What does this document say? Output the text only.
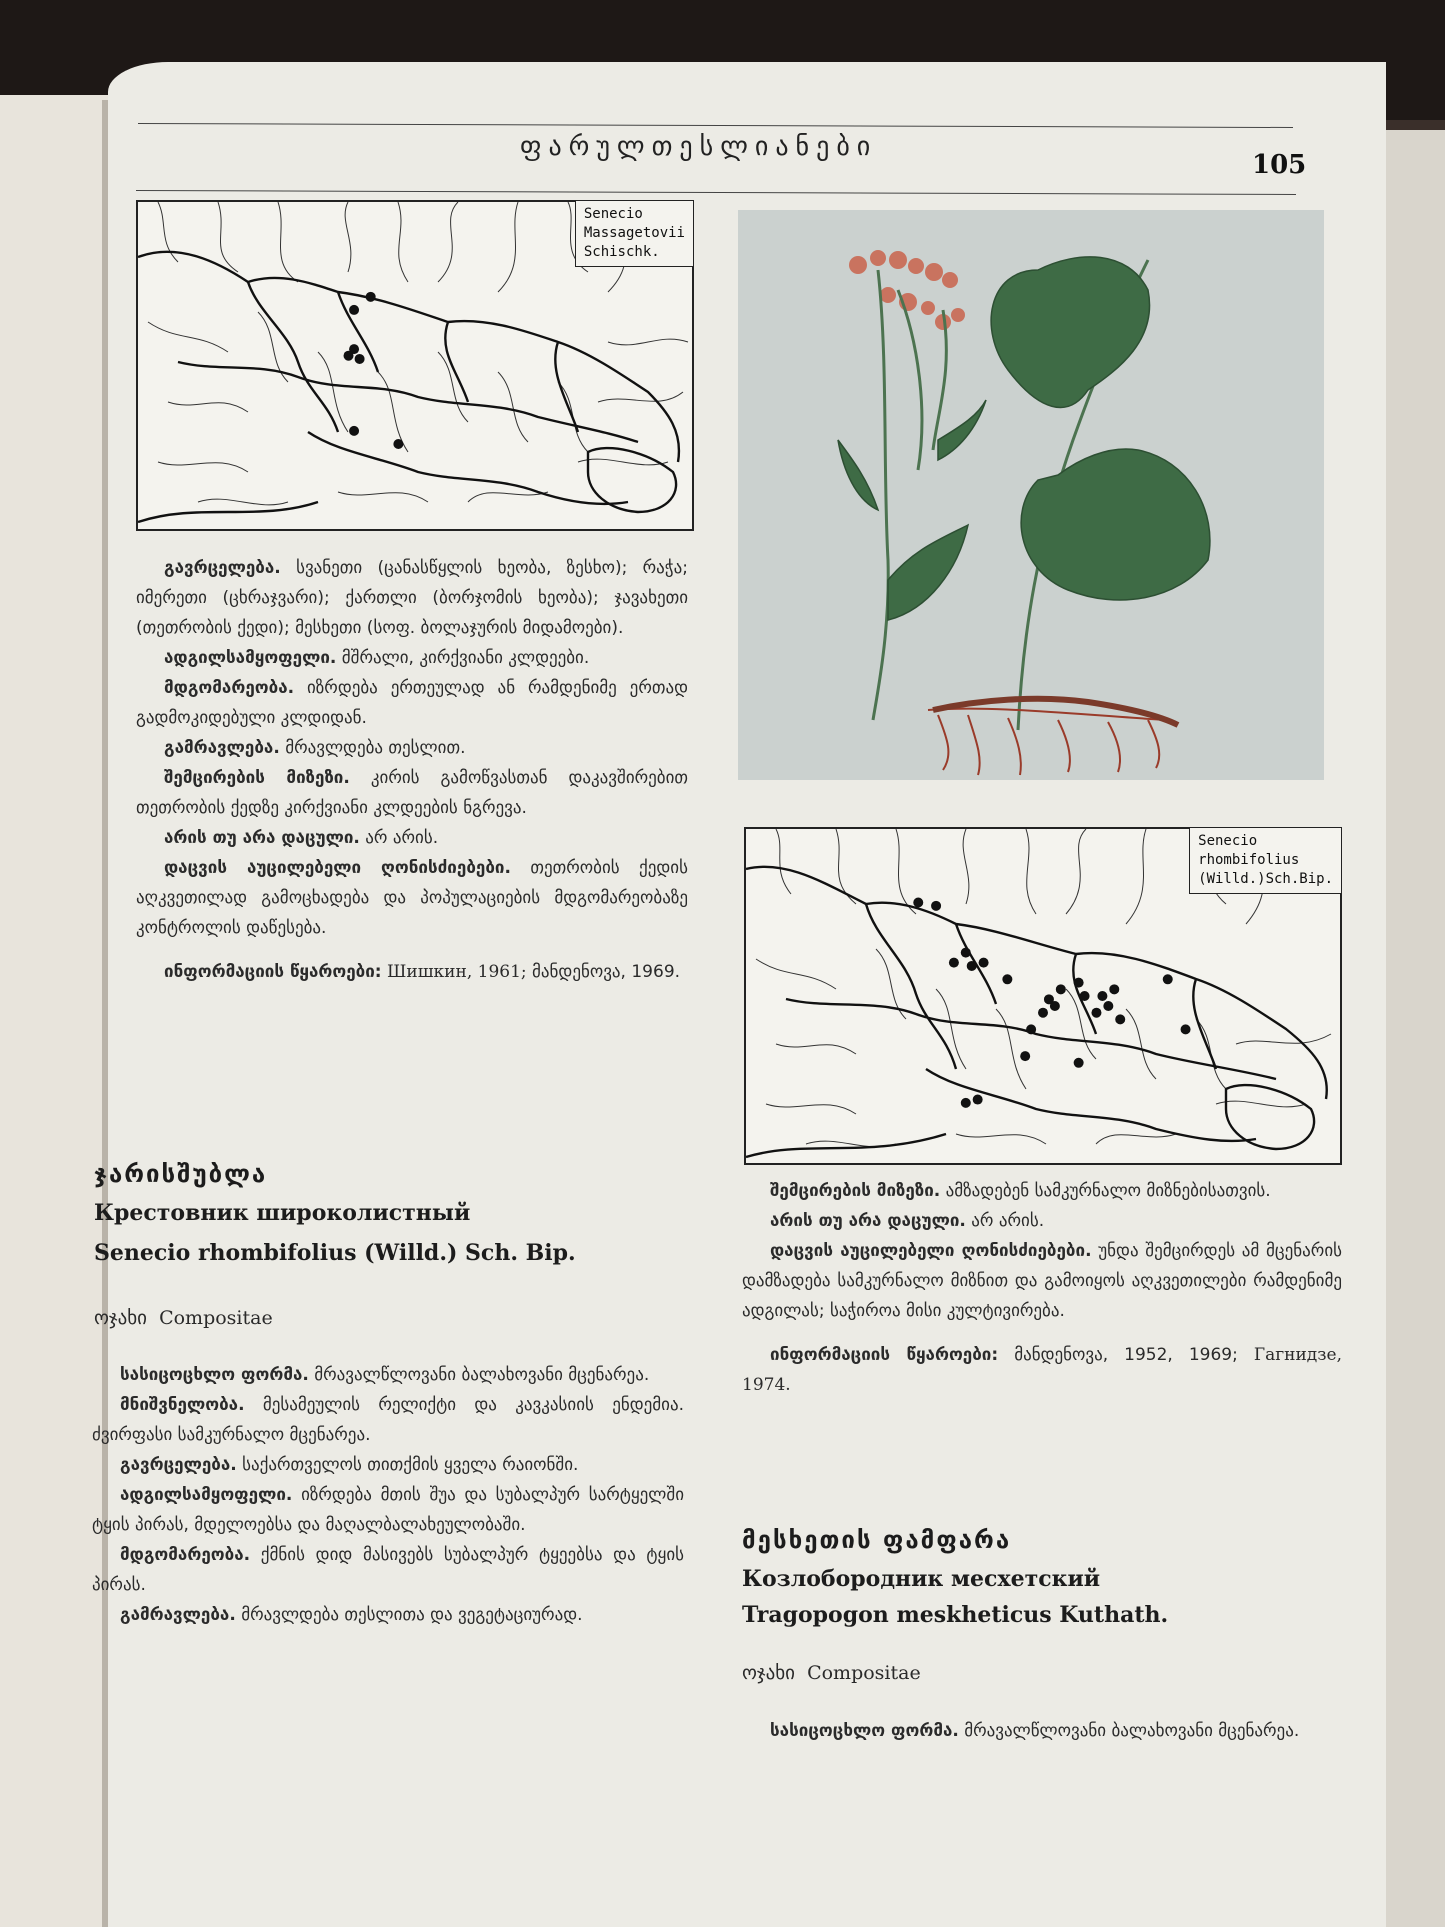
ფარულთესლიანები
105
Senecio
Massagetovii
Schischk.
Senecio
rhombifolius
(Willd.)Sch.Bip.

გავრცელება. სვანეთი (ცანასწყლის ხეობა, ზესხო); რაჭა; იმერეთი (ცხრაჯვარი); ქართლი (ბორჯომის ხეობა); ჯავახეთი (თეთრობის ქედი); მესხეთი (სოფ. ბოლაჯურის მიდამოები).

ადგილსამყოფელი. მშრალი, კირქვიანი კლდეები.

მდგომარეობა. იზრდება ერთეულად ან რამდენიმე ერთად გადმოკიდებული კლდიდან.

გამრავლება. მრავლდება თესლით.

შემცირების მიზეზი. კირის გამოწვასთან დაკავშირებით თეთრობის ქედზე კირქვიანი კლდეების ნგრევა.

არის თუ არა დაცული. არ არის.

დაცვის აუცილებელი ღონისძიებები. თეთრობის ქედის აღკვეთილად გამოცხადება და პოპულაციების მდგომარეობაზე კონტროლის დაწესება.

ინფორმაციის წყაროები: Шишкин, 1961; მანდენოვა, 1969.

ჯარისშუბლა
Крестовник широколистный
Senecio rhombifolius (Willd.) Sch. Bip.
ოჯახი Compositae

სასიცოცხლო ფორმა. მრავალწლოვანი ბალახოვანი მცენარეა.

მნიშვნელობა. მესამეულის რელიქტი და კავკასიის ენდემია. ძვირფასი სამკურნალო მცენარეა.

გავრცელება. საქართველოს თითქმის ყველა რაიონში.

ადგილსამყოფელი. იზრდება მთის შუა და სუბალპურ სარტყელში ტყის პირას, მდელოებსა და მაღალბალახეულობაში.

მდგომარეობა. ქმნის დიდ მასივებს სუბალპურ ტყეებსა და ტყის პირას.

გამრავლება. მრავლდება თესლითა და ვეგეტაციურად.

შემცირების მიზეზი. ამზადებენ სამკურნალო მიზნებისათვის.

არის თუ არა დაცული. არ არის.

დაცვის აუცილებელი ღონისძიებები. უნდა შემცირდეს ამ მცენარის დამზადება სამკურნალო მიზნით და გამოიყოს აღკვეთილები რამდენიმე ადგილას; საჭიროა მისი კულტივირება.

ინფორმაციის წყაროები: მანდენოვა, 1952, 1969; Гагнидзе, 1974.

მესხეთის ფამფარა
Козлобородник месхетский
Tragopogon meskheticus Kuthath.
ოჯახი Compositae

სასიცოცხლო ფორმა. მრავალწლოვანი ბალახოვანი მცენარეა.
